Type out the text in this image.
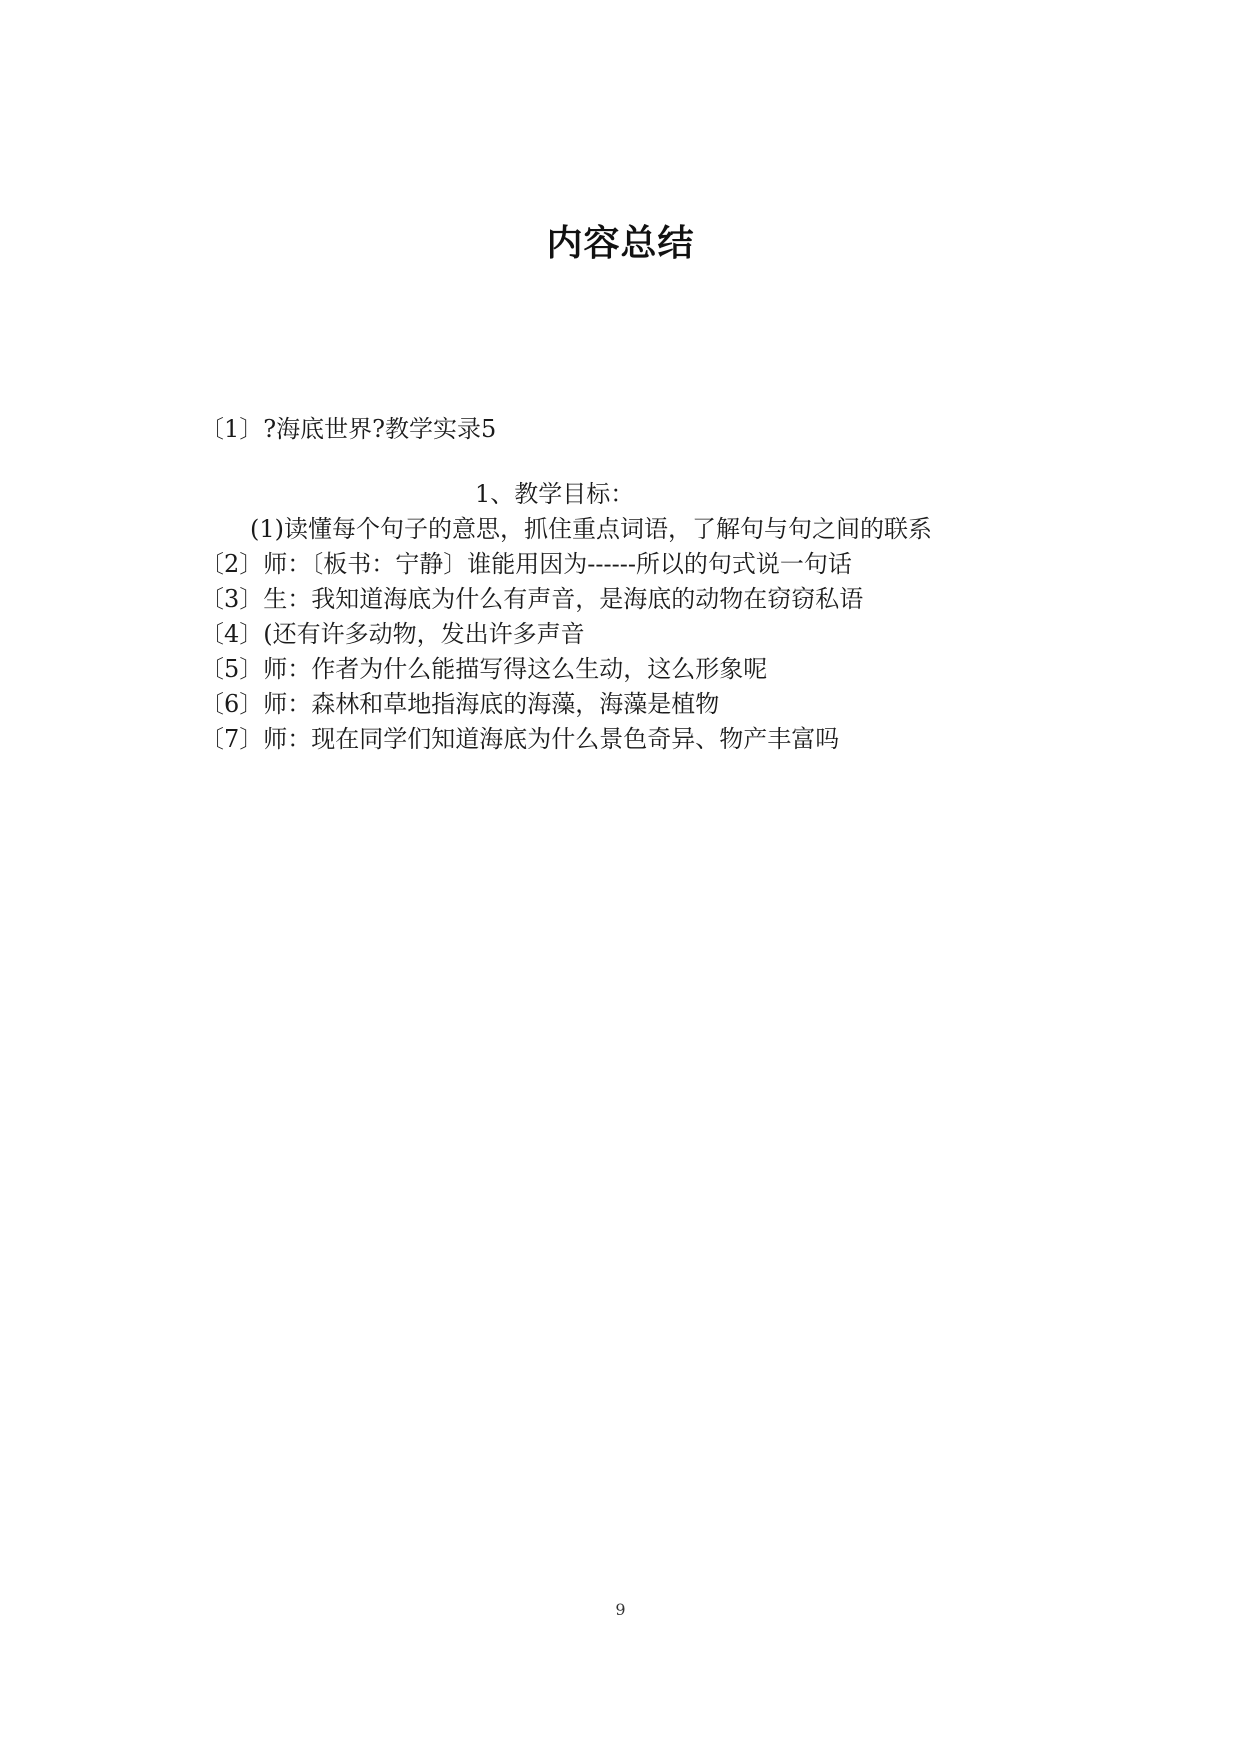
内容总结
〔1〕?海底世界?教学实录5
1、教学目标：
(1)读懂每个句子的意思，抓住重点词语，了解句与句之间的联系
〔2〕师：〔板书：宁静〕谁能用因为------所以的句式说一句话
〔3〕生：我知道海底为什么有声音，是海底的动物在窃窃私语
〔4〕(还有许多动物，发出许多声音
〔5〕师：作者为什么能描写得这么生动，这么形象呢
〔6〕师：森林和草地指海底的海藻，海藻是植物
〔7〕师：现在同学们知道海底为什么景色奇异、物产丰富吗
9
